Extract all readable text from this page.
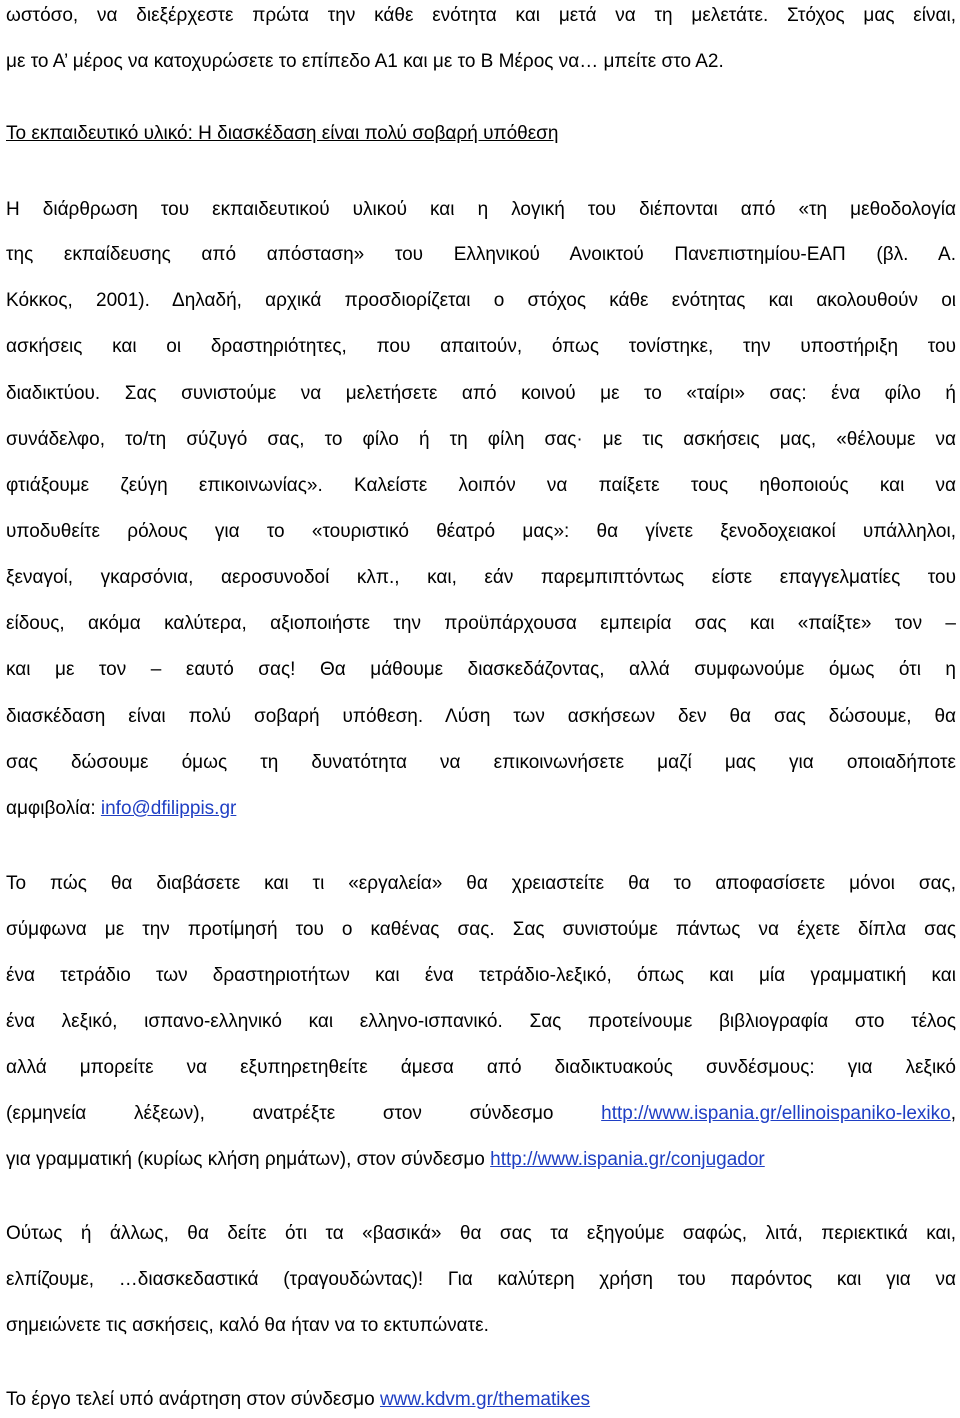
ωστόσο, να διεξέρχεστε πρώτα την κάθε ενότητα και μετά να τη μελετάτε. Στόχος μας είναι,
με το Α’ μέρος να κατοχυρώσετε το επίπεδο Α1 και με το Β Μέρος να… μπείτε στο Α2.
Το εκπαιδευτικό υλικό: Η διασκέδαση είναι πολύ σοβαρή υπόθεση
Η διάρθρωση του εκπαιδευτικού υλικού και η λογική του διέπονται από «τη μεθοδολογία
της εκπαίδευσης από απόσταση» του Ελληνικού Ανοικτού Πανεπιστημίου-ΕΑΠ (βλ. Α.
Κόκκος, 2001). Δηλαδή, αρχικά προσδιορίζεται ο στόχος κάθε ενότητας και ακολουθούν οι
ασκήσεις και οι δραστηριότητες, που απαιτούν, όπως τονίστηκε, την υποστήριξη του
διαδικτύου. Σας συνιστούμε να μελετήσετε από κοινού με το «ταίρι» σας: ένα φίλο ή
συνάδελφο, το/τη σύζυγό σας, το φίλο ή τη φίλη σας· με τις ασκήσεις μας, «θέλουμε να
φτιάξουμε ζεύγη επικοινωνίας». Καλείστε λοιπόν να παίξετε τους ηθοποιούς και να
υποδυθείτε ρόλους για το «τουριστικό θέατρό μας»: θα γίνετε ξενοδοχειακοί υπάλληλοι,
ξεναγοί, γκαρσόνια, αεροσυνοδοί κλπ., και, εάν παρεμπιπτόντως είστε επαγγελματίες του
είδους, ακόμα καλύτερα, αξιοποιήστε την προϋπάρχουσα εμπειρία σας και «παίξτε» τον –
και με τον – εαυτό σας! Θα μάθουμε διασκεδάζοντας, αλλά συμφωνούμε όμως ότι η
διασκέδαση είναι πολύ σοβαρή υπόθεση. Λύση των ασκήσεων δεν θα σας δώσουμε, θα
σας δώσουμε όμως τη δυνατότητα να επικοινωνήσετε μαζί μας για οποιαδήποτε
αμφιβολία: info@dfilippis.gr
Το πώς θα διαβάσετε και τι «εργαλεία» θα χρειαστείτε θα το αποφασίσετε μόνοι σας,
σύμφωνα με την προτίμησή του ο καθένας σας. Σας συνιστούμε πάντως να έχετε δίπλα σας
ένα τετράδιο των δραστηριοτήτων και ένα τετράδιο-λεξικό, όπως και μία γραμματική και
ένα λεξικό, ισπανο-ελληνικό και ελληνο-ισπανικό. Σας προτείνουμε βιβλιογραφία στο τέλος
αλλά μπορείτε να εξυπηρετηθείτε άμεσα από διαδικτυακούς συνδέσμους: για λεξικό
(ερμηνεία λέξεων), ανατρέξτε στον σύνδεσμο http://www.ispania.gr/ellinoispaniko-lexiko,
για γραμματική (κυρίως κλήση ρημάτων), στον σύνδεσμο http://www.ispania.gr/conjugador
Ούτως ή άλλως, θα δείτε ότι τα «βασικά» θα σας τα εξηγούμε σαφώς, λιτά, περιεκτικά και,
ελπίζουμε, …διασκεδαστικά (τραγουδώντας)! Για καλύτερη χρήση του παρόντος και για να
σημειώνετε τις ασκήσεις, καλό θα ήταν να το εκτυπώνατε.
Το έργο τελεί υπό ανάρτηση στον σύνδεσμο www.kdvm.gr/thematikes
